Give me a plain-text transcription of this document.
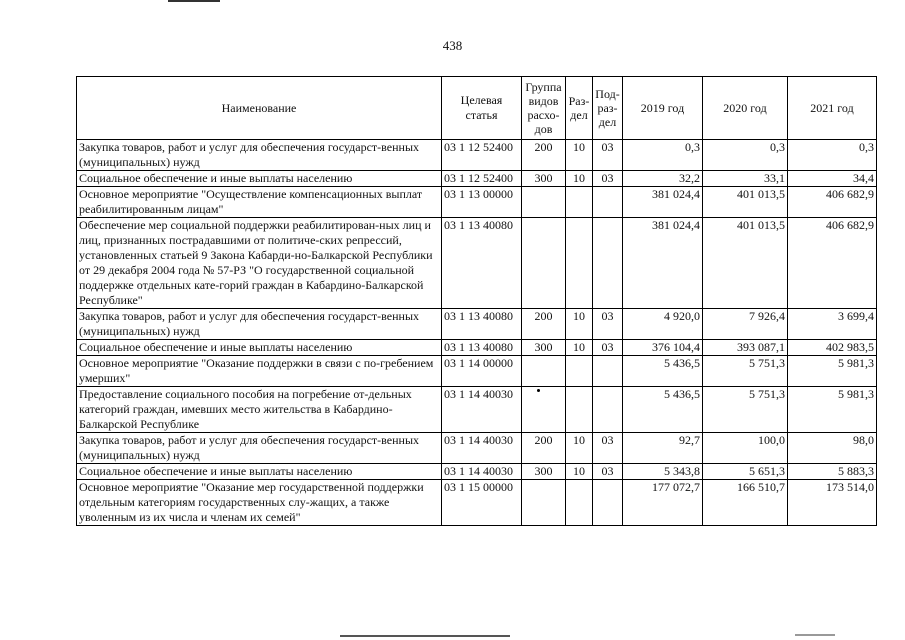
438
Наименование	Целевая статья	Группа видов расхо-дов	Раз-дел	Под-раз-дел	2019 год	2020 год	2021 год
Закупка товаров, работ и услуг для обеспечения государст-венных (муниципальных) нужд	03 1 12 52400	200	10	03	0,3	0,3	0,3
Социальное обеспечение и иные выплаты населению	03 1 12 52400	300	10	03	32,2	33,1	34,4
Основное мероприятие "Осуществление компенсационных выплат реабилитированным лицам"	03 1 13 00000				381 024,4	401 013,5	406 682,9
Обеспечение мер социальной поддержки реабилитирован-ных лиц и лиц, признанных пострадавшими от политиче-ских репрессий, установленных статьей 9 Закона Кабарди-но-Балкарской Республики от 29 декабря 2004 года № 57-РЗ "О государственной социальной поддержке отдельных кате-горий граждан в Кабардино-Балкарской Республике"	03 1 13 40080				381 024,4	401 013,5	406 682,9
Закупка товаров, работ и услуг для обеспечения государст-венных (муниципальных) нужд	03 1 13 40080	200	10	03	4 920,0	7 926,4	3 699,4
Социальное обеспечение и иные выплаты населению	03 1 13 40080	300	10	03	376 104,4	393 087,1	402 983,5
Основное мероприятие "Оказание поддержки в связи с по-гребением умерших"	03 1 14 00000				5 436,5	5 751,3	5 981,3
Предоставление социального пособия на погребение от-дельных категорий граждан, имевших место жительства в Кабардино-Балкарской Республике	03 1 14 40030				5 436,5	5 751,3	5 981,3
Закупка товаров, работ и услуг для обеспечения государст-венных (муниципальных) нужд	03 1 14 40030	200	10	03	92,7	100,0	98,0
Социальное обеспечение и иные выплаты населению	03 1 14 40030	300	10	03	5 343,8	5 651,3	5 883,3
Основное мероприятие "Оказание мер государственной поддержки отдельным категориям государственных слу-жащих, а также уволенным из их числа и членам их семей"	03 1 15 00000				177 072,7	166 510,7	173 514,0
